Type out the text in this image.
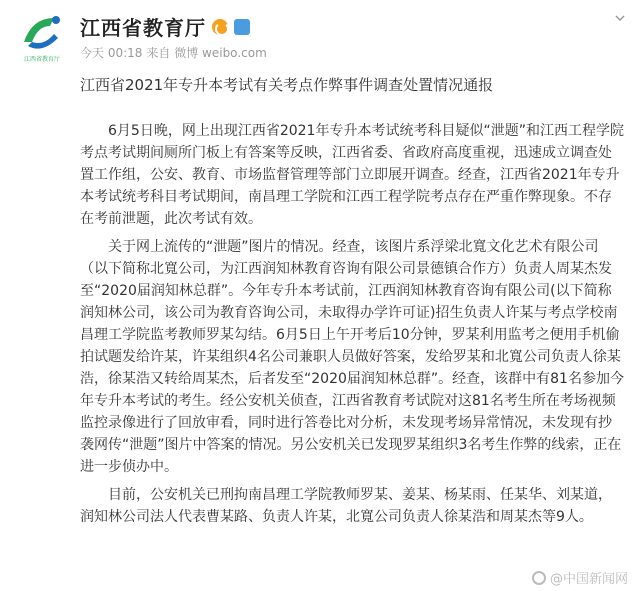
江西省教育厅
江西省教育厅
今天 00:18 来自 微博 weibo.com
江西省2021年专升本考试有关考点作弊事件调查处置情况通报

6月5日晚，网上出现江西省2021年专升本考试统考科目疑似“泄题”和江西工程学院考点考试期间厕所门板上有答案等反映，江西省委、省政府高度重视，迅速成立调查处置工作组，公安、教育、市场监督管理等部门立即展开调查。经查，江西省2021年专升本考试统考科目考试期间，南昌理工学院和江西工程学院考点存在严重作弊现象。不存在考前泄题，此次考试有效。

关于网上流传的“泄题”图片的情况。经查，该图片系浮梁北寬文化艺术有限公司（以下简称北寬公司，为江西润知林教育咨询有限公司景德镇合作方）负责人周某杰发至“2020届润知林总群”。今年专升本考试前，江西润知林教育咨询有限公司(以下简称润知林公司，该公司为教育咨询公司，未取得办学许可证)招生负责人许某与考点学校南昌理工学院监考教师罗某勾结。6月5日上午开考后10分钟，罗某利用监考之便用手机偷拍试题发给许某，许某组织4名公司兼职人员做好答案，发给罗某和北寬公司负责人徐某浩，徐某浩又转给周某杰，后者发至“2020届润知林总群”。经查，该群中有81名参加今年专升本考试的考生。经公安机关侦查，江西省教育考试院对这81名考生所在考场视频监控录像进行了回放审看，同时进行答卷比对分析，未发现考场异常情况，未发现有抄袭网传“泄题”图片中答案的情况。另公安机关已发现罗某组织3名考生作弊的线索，正在进一步侦办中。

目前，公安机关已刑拘南昌理工学院教师罗某、姜某、杨某雨、任某华、刘某道，润知林公司法人代表曹某路、负责人许某，北寬公司负责人徐某浩和周某杰等9人。

@中国新闻网
